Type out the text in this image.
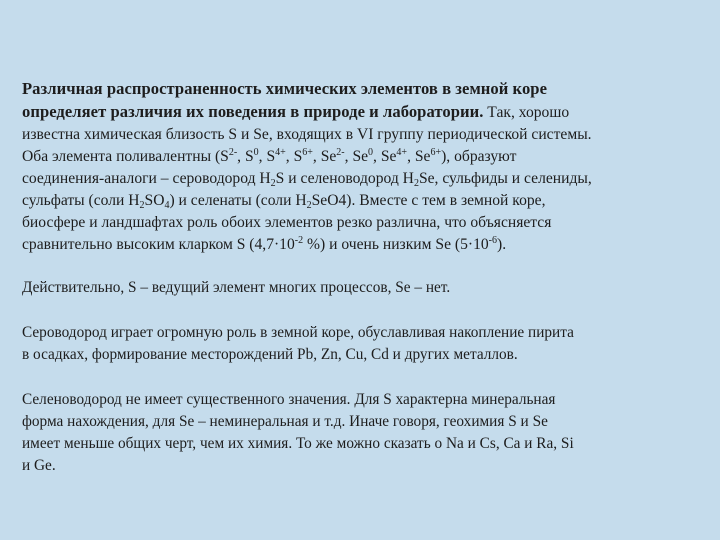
Различная распространенность химических элементов в земной коре
определяет различия их поведения в природе и лаборатории. Так, хорошо
известна химическая близость S и Se, входящих в VI группу периодической системы.
Оба элемента поливалентны ($S^{2-}$, $S^0$, $S^{4+}$, $S^{6+}$, $Se^{2-}$, Se$^0$, $Se^{4+}$, $Se^{6+}$), образуют
соединения-аналоги – сероводород $H_2S$ и селеноводород $H_2Se$, сульфиды и селениды,
сульфаты (соли $H_2SO_4$) и селенаты (соли $H_2SeO4$). Вместе с тем в земной коре,
биосфере и ландшафтах роль обоих элементов резко различна, что объясняется
сравнительно высоким кларком S ($4,7\cdot 10^{-2}$ %) и очень низким Se $(5\cdot 10^{-6})$.

Действительно, S – ведущий элемент многих процессов, Se – нет.

Сероводород играет огромную роль в земной коре, обуславливая накопление пирита
в осадках, формирование месторождений Pb, Zn, Cu, Cd и других металлов.

Селеноводород не имеет существенного значения. Для S характерна минеральная
форма нахождения, для Se – неминеральная и т.д. Иначе говоря, геохимия S и Se
имеет меньше общих черт, чем их химия. То же можно сказать о Na и Cs, Ca и Ra, Si
и Ge.
